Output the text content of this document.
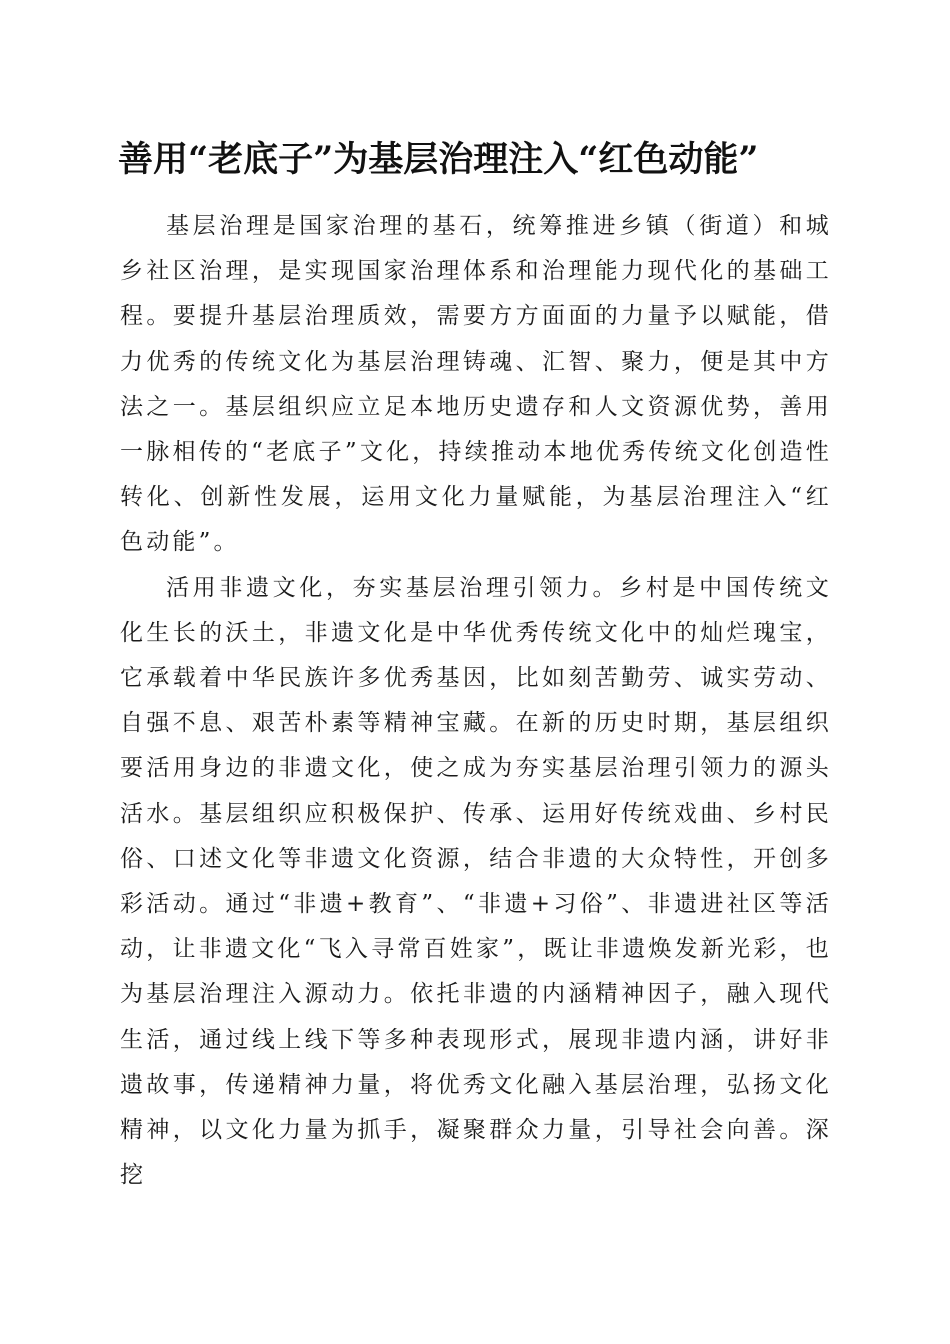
善用“老底子”为基层治理注入“红色动能”

基层治理是国家治理的基石，统筹推进乡镇（街道）和城乡社区治理，是实现国家治理体系和治理能力现代化的基础工程。要提升基层治理质效，需要方方面面的力量予以赋能，借力优秀的传统文化为基层治理铸魂、汇智、聚力，便是其中方法之一。基层组织应立足本地历史遗存和人文资源优势，善用一脉相传的“老底子”文化，持续推动本地优秀传统文化创造性转化、创新性发展，运用文化力量赋能，为基层治理注入“红色动能”。

活用非遗文化，夯实基层治理引领力。乡村是中国传统文化生长的沃土，非遗文化是中华优秀传统文化中的灿烂瑰宝，它承载着中华民族许多优秀基因，比如刻苦勤劳、诚实劳动、自强不息、艰苦朴素等精神宝藏。在新的历史时期，基层组织要活用身边的非遗文化，使之成为夯实基层治理引领力的源头活水。基层组织应积极保护、传承、运用好传统戏曲、乡村民俗、口述文化等非遗文化资源，结合非遗的大众特性，开创多彩活动。通过“非遗+教育”、“非遗+习俗”、非遗进社区等活动，让非遗文化“飞入寻常百姓家”，既让非遗焕发新光彩，也为基层治理注入源动力。依托非遗的内涵精神因子，融入现代生活，通过线上线下等多种表现形式，展现非遗内涵，讲好非遗故事，传递精神力量，将优秀文化融入基层治理，弘扬文化精神，以文化力量为抓手，凝聚群众力量，引导社会向善。深挖
